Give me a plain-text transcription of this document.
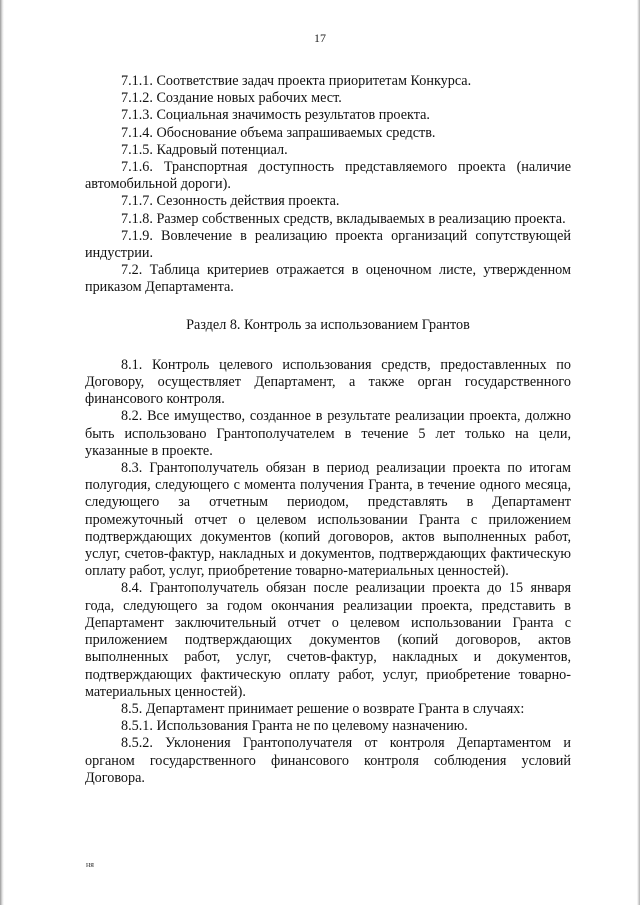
17

7.1.1. Соответствие задач проекта приоритетам Конкурса.

7.1.2. Создание новых рабочих мест.

7.1.3. Социальная значимость результатов проекта.

7.1.4. Обоснование объема запрашиваемых средств.

7.1.5. Кадровый потенциал.

7.1.6. Транспортная доступность представляемого проекта (наличие автомобильной дороги).

7.1.7. Сезонность действия проекта.

7.1.8. Размер собственных средств, вкладываемых в реализацию проекта.

7.1.9. Вовлечение в реализацию проекта организаций сопутствующей индустрии.

7.2. Таблица критериев отражается в оценочном листе, утвержденном приказом Департамента.

Раздел 8. Контроль за использованием Грантов

8.1. Контроль целевого использования средств, предоставленных по Договору, осуществляет Департамент, а также орган государственного финансового контроля.

8.2. Все имущество, созданное в результате реализации проекта, должно быть использовано Грантополучателем в течение 5 лет только на цели, указанные в проекте.

8.3. Грантополучатель обязан в период реализации проекта по итогам полугодия, следующего с момента получения Гранта, в течение одного месяца, следующего за отчетным периодом, представлять в Департамент промежуточный отчет о целевом использовании Гранта с приложением подтверждающих документов (копий договоров, актов выполненных работ, услуг, счетов-фактур, накладных и документов, подтверждающих фактическую оплату работ, услуг, приобретение товарно-материальных ценностей).

8.4. Грантополучатель обязан после реализации проекта до 15 января года, следующего за годом окончания реализации проекта, представить в Департамент заключительный отчет о целевом использовании Гранта с приложением подтверждающих документов (копий договоров, актов выполненных работ, услуг, счетов-фактур, накладных и документов, подтверждающих фактическую оплату работ, услуг, приобретение товарно-материальных ценностей).

8.5. Департамент принимает решение о возврате Гранта в случаях:

8.5.1. Использования Гранта не по целевому назначению.

8.5.2. Уклонения Грантополучателя от контроля Департаментом и органом государственного финансового контроля соблюдения условий Договора.

ня
